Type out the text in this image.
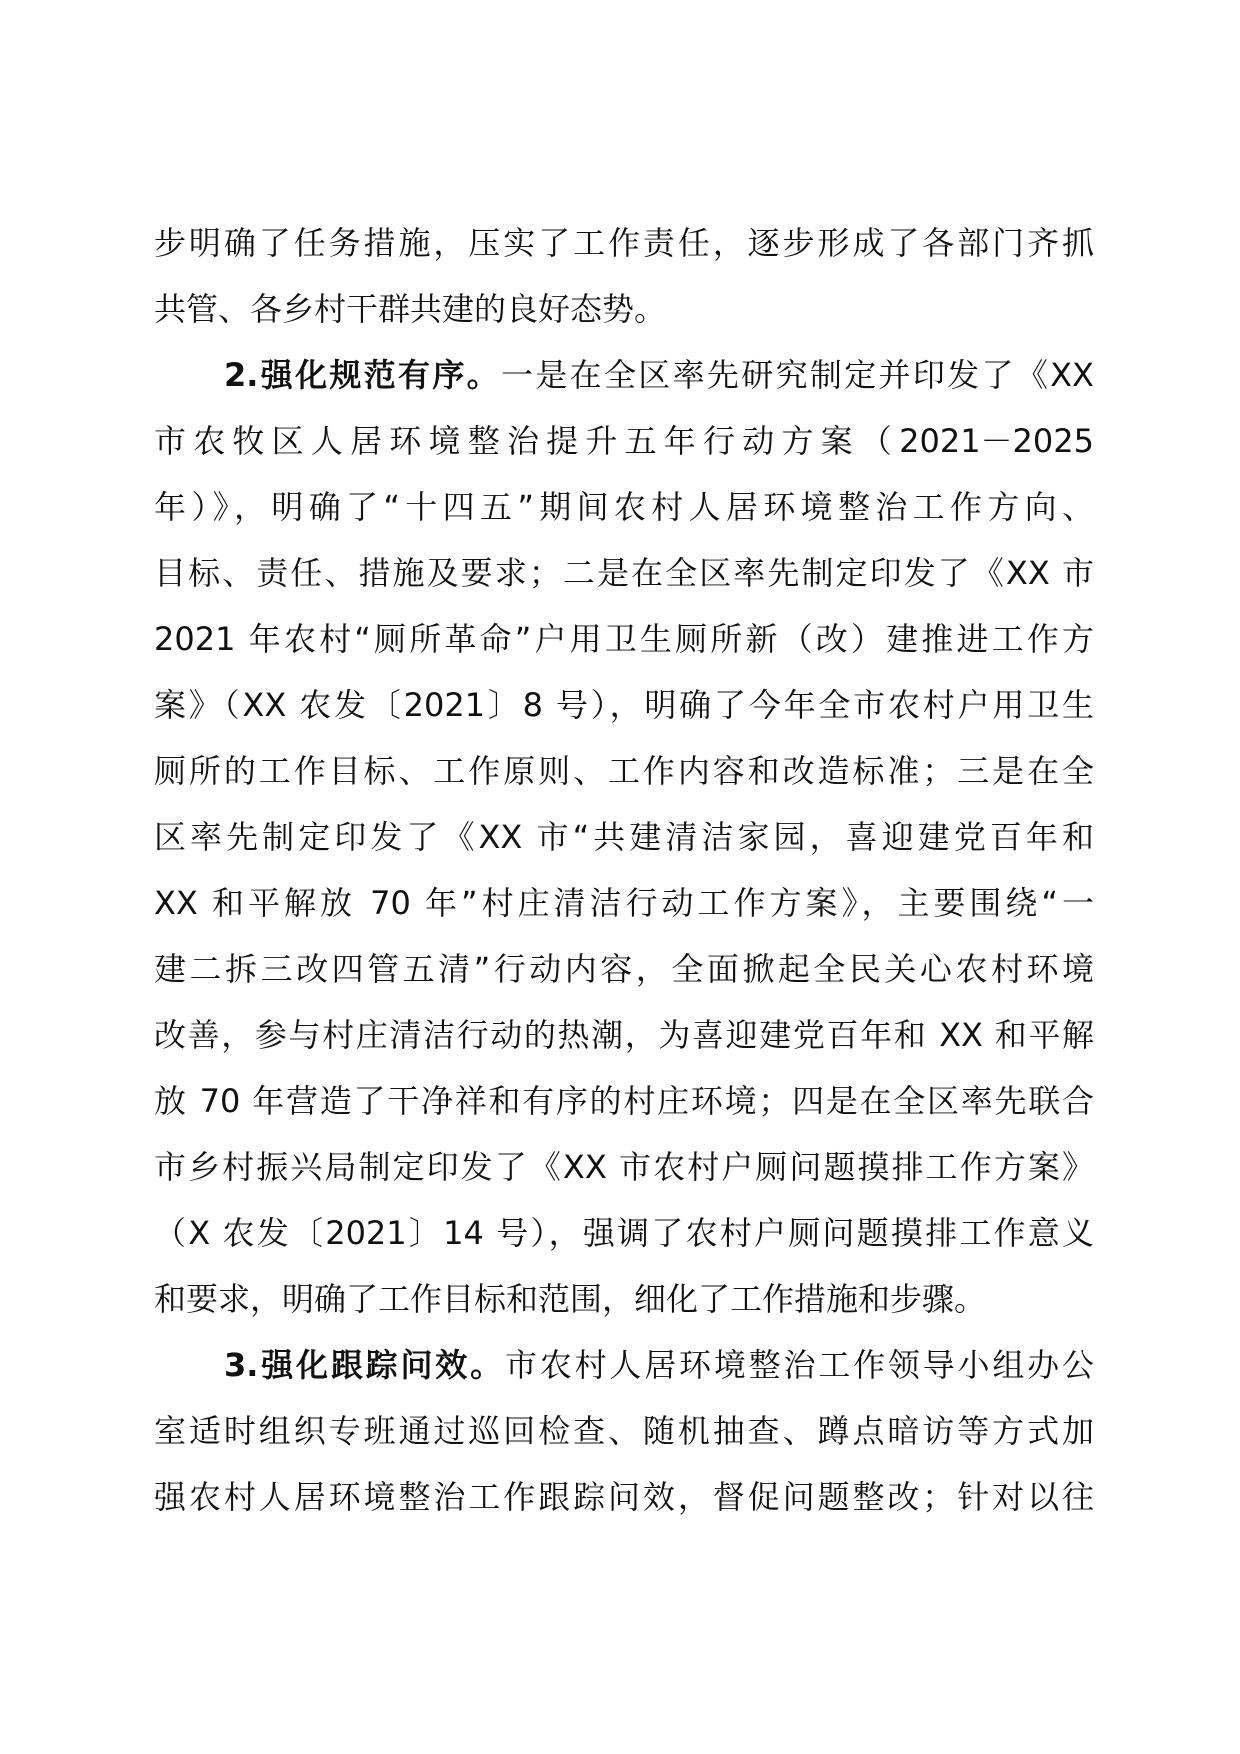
步明确了任务措施，压实了工作责任，逐步形成了各部门齐抓
共管、各乡村干群共建的良好态势。
2.强化规范有序。一是在全区率先研究制定并印发了《XX
市农牧区人居环境整治提升五年行动方案（2021－2025
年）》，明确了“十四五”期间农村人居环境整治工作方向、
目标、责任、措施及要求；二是在全区率先制定印发了《XX 市
2021 年农村“厕所革命”户用卫生厕所新（改）建推进工作方
案》（XX 农发〔2021〕8 号），明确了今年全市农村户用卫生
厕所的工作目标、工作原则、工作内容和改造标准；三是在全
区率先制定印发了《XX 市“共建清洁家园，喜迎建党百年和
XX 和平解放 70 年”村庄清洁行动工作方案》，主要围绕“一
建二拆三改四管五清”行动内容，全面掀起全民关心农村环境
改善，参与村庄清洁行动的热潮，为喜迎建党百年和 XX 和平解
放 70 年营造了干净祥和有序的村庄环境；四是在全区率先联合
市乡村振兴局制定印发了《XX 市农村户厕问题摸排工作方案》
（X 农发〔2021〕14 号），强调了农村户厕问题摸排工作意义
和要求，明确了工作目标和范围，细化了工作措施和步骤。
3.强化跟踪问效。市农村人居环境整治工作领导小组办公
室适时组织专班通过巡回检查、随机抽查、蹲点暗访等方式加
强农村人居环境整治工作跟踪问效，督促问题整改；针对以往
